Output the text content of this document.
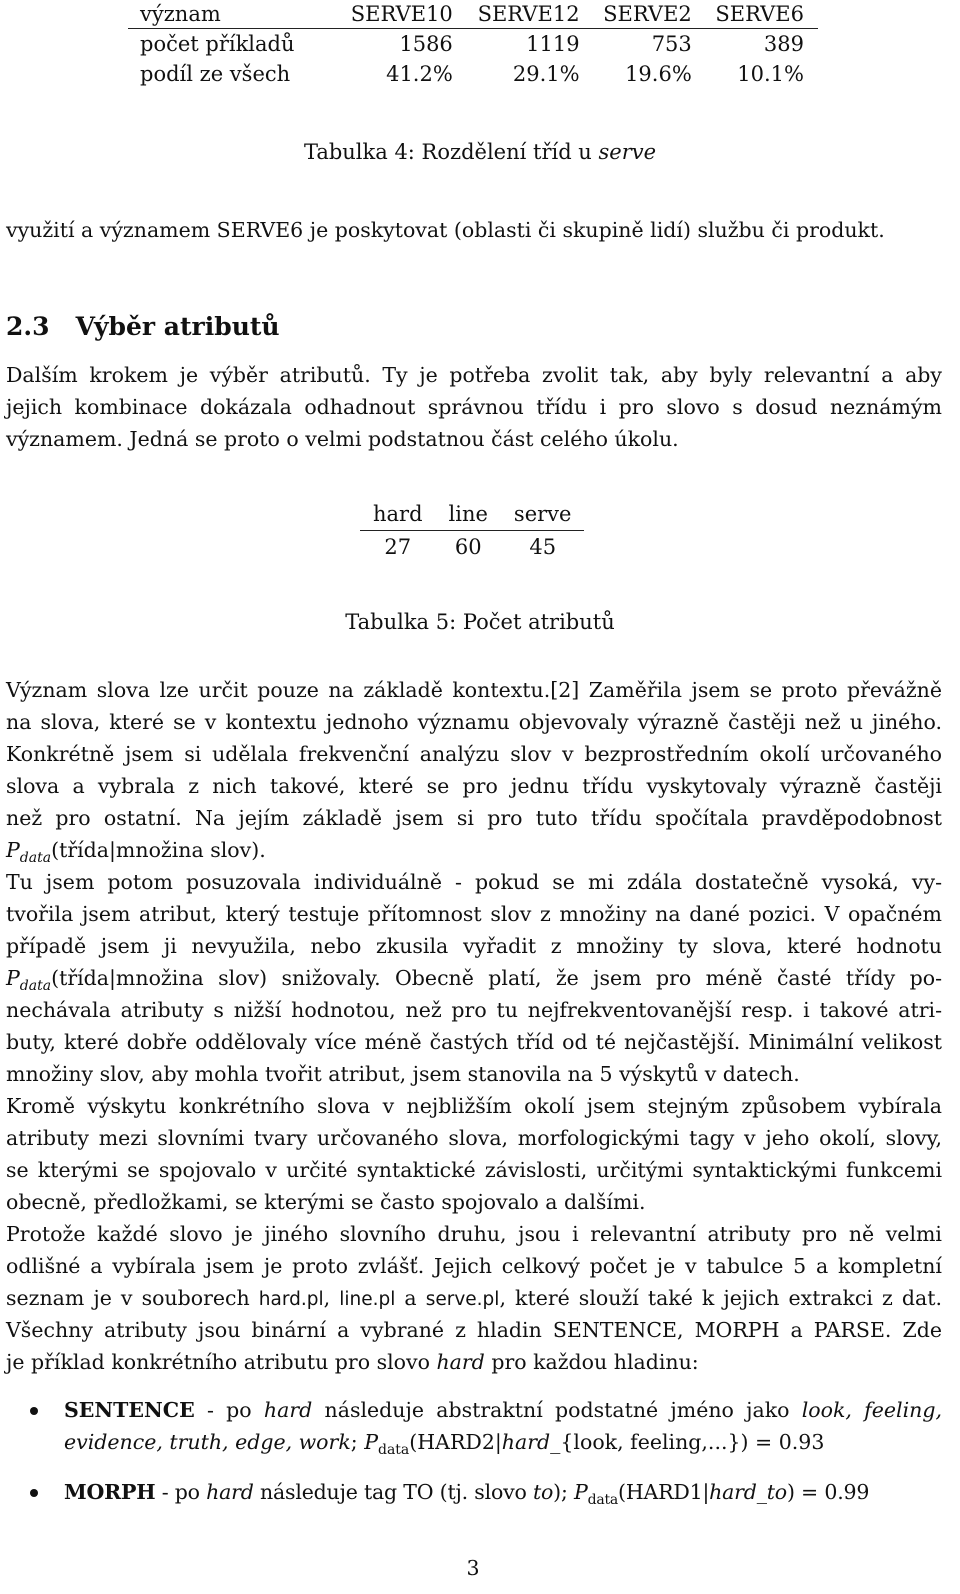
význam	SERVE10	SERVE12	SERVE2	SERVE6
počet příkladů	1586	1119	753	389
podíl ze všech	41.2%	29.1%	19.6%	10.1%
Tabulka 4: Rozdělení tříd u serve
využití a významem SERVE6 je poskytovat (oblasti či skupině lidí) službu či produkt.
2.3 Výběr atributů
Dalším krokem je výběr atributů. Ty je potřeba zvolit tak, aby byly relevantní a aby
jejich kombinace dokázala odhadnout správnou třídu i pro slovo s dosud neznámým
významem. Jedná se proto o velmi podstatnou část celého úkolu.
hard	line	serve
27	60	45
Tabulka 5: Počet atributů
Význam slova lze určit pouze na základě kontextu.[2] Zaměřila jsem se proto převážně
na slova, které se v kontextu jednoho významu objevovaly výrazně častěji než u jiného.
Konkrétně jsem si udělala frekvenční analýzu slov v bezprostředním okolí určovaného
slova a vybrala z nich takové, které se pro jednu třídu vyskytovaly výrazně častěji
než pro ostatní. Na jejím základě jsem si pro tuto třídu spočítala pravděpodobnost
$P_{data}(třída|množina$ slov).
Tu jsem potom posuzovala individuálně - pokud se mi zdála dostatečně vysoká, vy-
tvořila jsem atribut, který testuje přítomnost slov z množiny na dané pozici. V opačném
případě jsem ji nevyužila, nebo zkusila vyřadit z množiny ty slova, které hodnotu
$P_{data}(třída|množina$ slov) snižovaly. Obecně platí, že jsem pro méně časté třídy po-
nechávala atributy s nižší hodnotou, než pro tu nejfrekventovanější resp. i takové atri-
buty, které dobře oddělovaly více méně častých tříd od té nejčastější. Minimální velikost
množiny slov, aby mohla tvořit atribut, jsem stanovila na 5 výskytů v datech.
Kromě výskytu konkrétního slova v nejbližším okolí jsem stejným způsobem vybírala
atributy mezi slovními tvary určovaného slova, morfologickými tagy v jeho okolí, slovy,
se kterými se spojovalo v určité syntaktické závislosti, určitými syntaktickými funkcemi
obecně, předložkami, se kterými se často spojovalo a dalšími.
Protože každé slovo je jiného slovního druhu, jsou i relevantní atributy pro ně velmi
odlišné a vybírala jsem je proto zvlášť. Jejich celkový počet je v tabulce 5 a kompletní
seznam je v souborech hard.pl, line.pl a serve.pl, které slouží také k jejich extrakci z dat.
Všechny atributy jsou binární a vybrané z hladin SENTENCE, MORPH a PARSE. Zde
je příklad konkrétního atributu pro slovo hard pro každou hladinu:
SENTENCE - po hard následuje abstraktní podstatné jméno jako look, feeling,
evidence, truth, edge, work; $P_{data}(HARD2|hard\_\{look$, feeling,...}) = 0.93
MORPH - po hard následuje tag TO (tj. slovo to); $P_{data}(HARD1|hard\_to) = 0.99$
3
